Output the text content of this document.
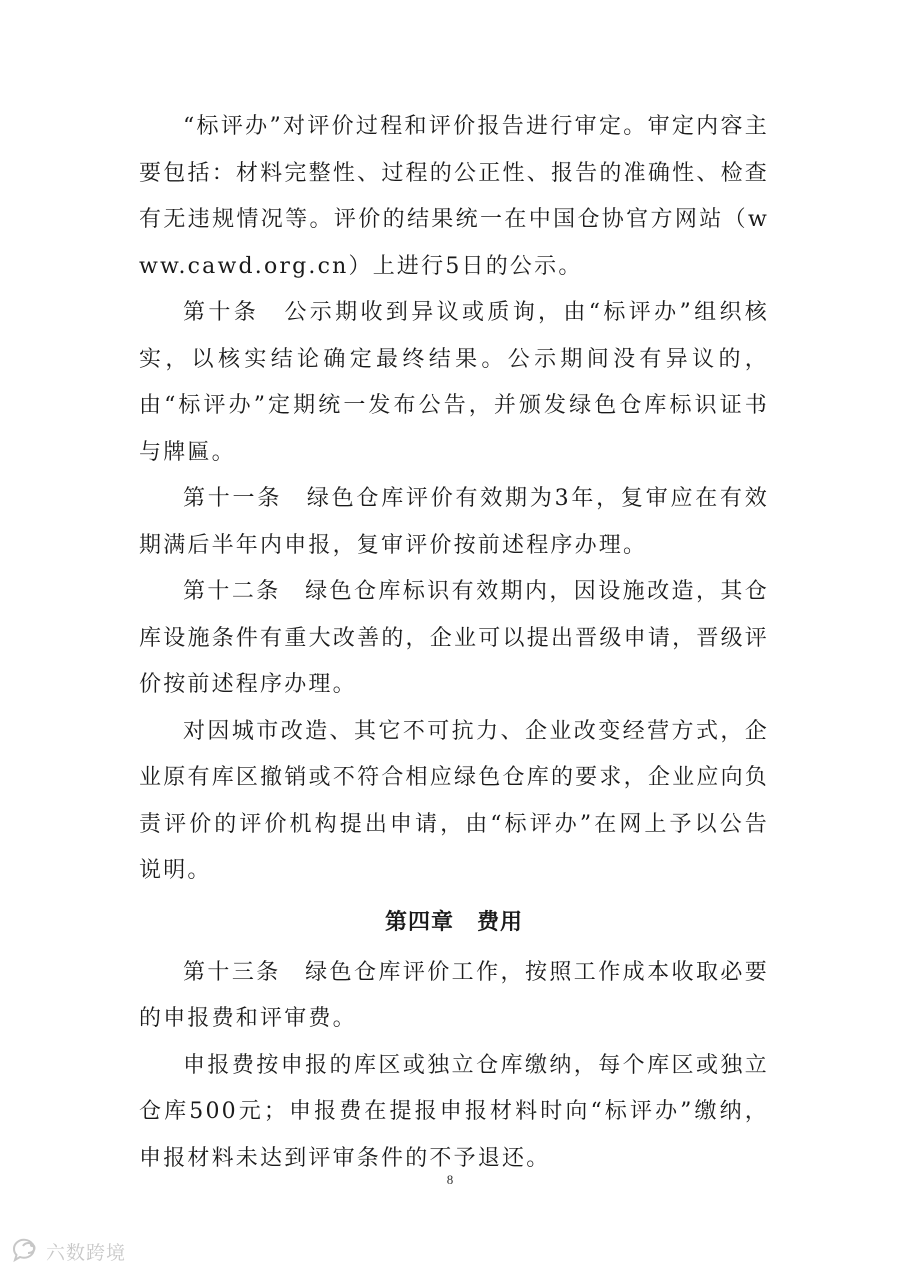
“标评办”对评价过程和评价报告进行审定。审定内容主要包括：材料完整性、过程的公正性、报告的准确性、检查有无违规情况等。评价的结果统一在中国仓协官方网站（www.cawd.org.cn）上进行5日的公示。

第十条　公示期收到异议或质询，由“标评办”组织核实，以核实结论确定最终结果。公示期间没有异议的，由“标评办”定期统一发布公告，并颁发绿色仓库标识证书与牌匾。

第十一条　绿色仓库评价有效期为3年，复审应在有效期满后半年内申报，复审评价按前述程序办理。

第十二条　绿色仓库标识有效期内，因设施改造，其仓库设施条件有重大改善的，企业可以提出晋级申请，晋级评价按前述程序办理。

对因城市改造、其它不可抗力、企业改变经营方式，企业原有库区撤销或不符合相应绿色仓库的要求，企业应向负责评价的评价机构提出申请，由“标评办”在网上予以公告说明。

第四章　费用

第十三条　绿色仓库评价工作，按照工作成本收取必要的申报费和评审费。

申报费按申报的库区或独立仓库缴纳，每个库区或独立仓库500元；申报费在提报申报材料时向“标评办”缴纳，申报材料未达到评审条件的不予退还。

8
六数跨境
